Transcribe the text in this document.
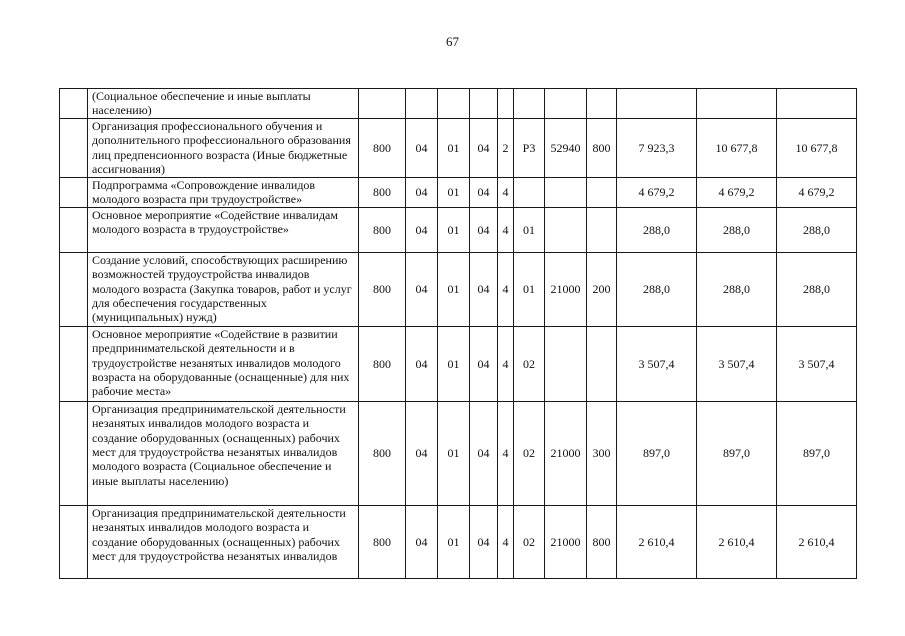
67
	(Социальное обеспечение и иные выплаты населению)											
	Организация профессионального обучения и дополнительного профессионального образования лиц предпенсионного возраста (Иные бюджетные ассигнования)	800	04	01	04	2	Р3	52940	800	7 923,3	10 677,8	10 677,8
	Подпрограмма «Сопровождение инвалидов молодого возраста при трудоустройстве»	800	04	01	04	4				4 679,2	4 679,2	4 679,2
	Основное мероприятие «Содействие инвалидам молодого возраста в трудоустройстве»	800	04	01	04	4	01			288,0	288,0	288,0
	Создание условий, способствующих расширению возможностей трудоустройства инвалидов молодого возраста (Закупка товаров, работ и услуг для обеспечения государственных (муниципальных) нужд)	800	04	01	04	4	01	21000	200	288,0	288,0	288,0
	Основное мероприятие «Содействие в развитии предпринимательской деятельности и в трудоустройстве незанятых инвалидов молодого возраста на оборудованные (оснащенные) для них рабочие места»	800	04	01	04	4	02			3 507,4	3 507,4	3 507,4
	Организация предпринимательской деятельности незанятых инвалидов молодого возраста и создание оборудованных (оснащенных) рабочих мест для трудоустройства незанятых инвалидов молодого возраста (Социальное обеспечение и иные выплаты населению)	800	04	01	04	4	02	21000	300	897,0	897,0	897,0
	Организация предпринимательской деятельности незанятых инвалидов молодого возраста и создание оборудованных (оснащенных) рабочих мест для трудоустройства незанятых инвалидов	800	04	01	04	4	02	21000	800	2 610,4	2 610,4	2 610,4
